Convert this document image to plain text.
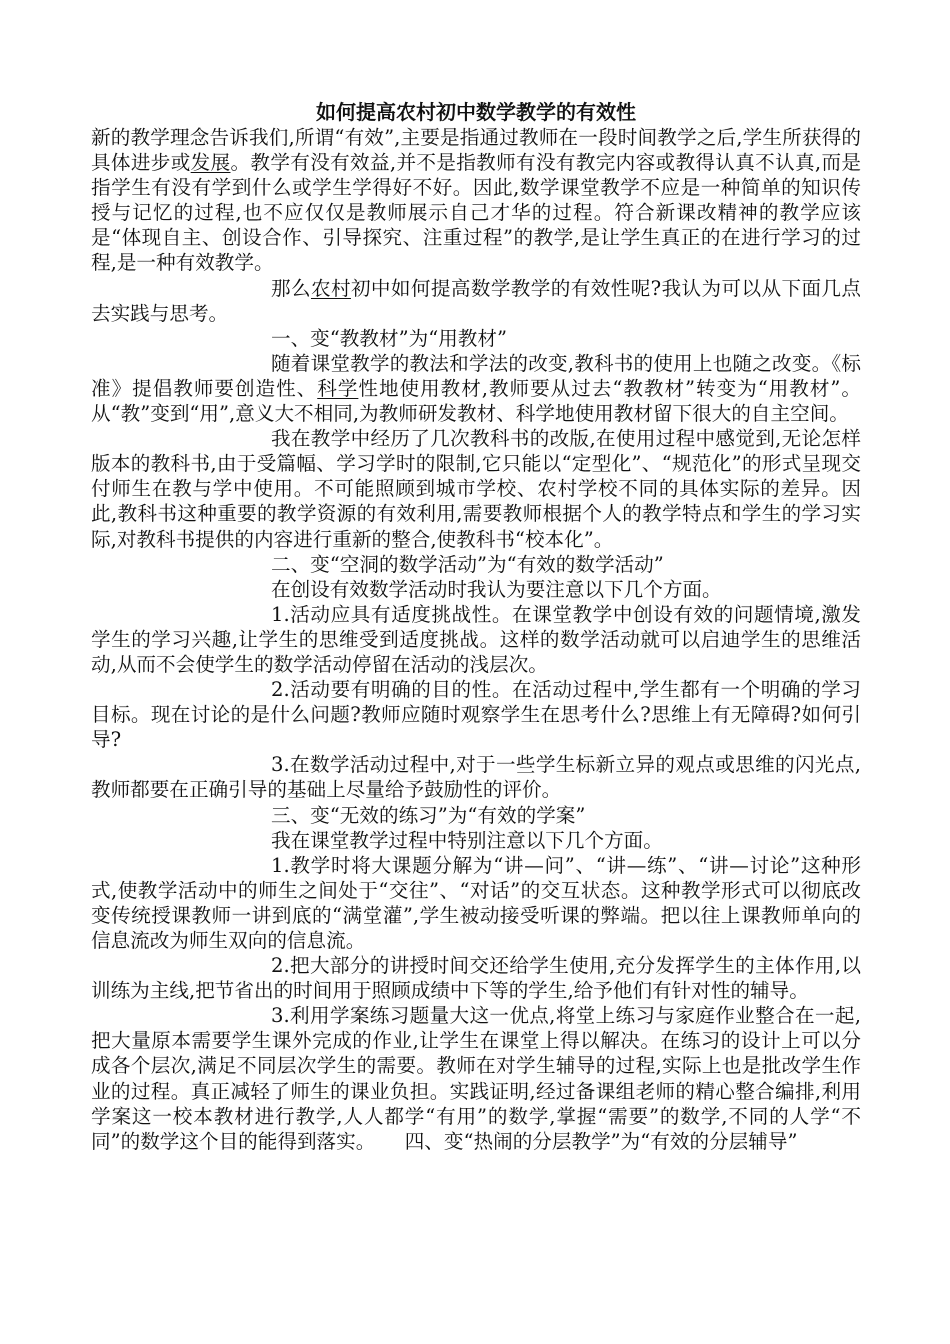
如何提高农村初中数学教学的有效性

新的教学理念告诉我们,所谓“有效”,主要是指通过教师在一段时间教学之后,学生所获得的具体进步或发展。教学有没有效益,并不是指教师有没有教完内容或教得认真不认真,而是指学生有没有学到什么或学生学得好不好。因此,数学课堂教学不应是一种简单的知识传授与记忆的过程,也不应仅仅是教师展示自己才华的过程。符合新课改精神的教学应该是“体现自主、创设合作、引导探究、注重过程”的教学,是让学生真正的在进行学习的过程,是一种有效教学。

那么农村初中如何提高数学教学的有效性呢?我认为可以从下面几点去实践与思考。

一、变“教教材”为“用教材”

随着课堂教学的教法和学法的改变,教科书的使用上也随之改变。《标准》提倡教师要创造性、科学性地使用教材,教师要从过去“教教材”转变为“用教材”。从“教”变到“用”,意义大不相同,为教师研发教材、科学地使用教材留下很大的自主空间。

我在教学中经历了几次教科书的改版,在使用过程中感觉到,无论怎样版本的教科书,由于受篇幅、学习学时的限制,它只能以“定型化”、“规范化”的形式呈现交付师生在教与学中使用。不可能照顾到城市学校、农村学校不同的具体实际的差异。因此,教科书这种重要的教学资源的有效利用,需要教师根据个人的教学特点和学生的学习实际,对教科书提供的内容进行重新的整合,使教科书“校本化”。

二、变“空洞的数学活动”为“有效的数学活动”

在创设有效数学活动时我认为要注意以下几个方面。

1.活动应具有适度挑战性。在课堂教学中创设有效的问题情境,激发学生的学习兴趣,让学生的思维受到适度挑战。这样的数学活动就可以启迪学生的思维活动,从而不会使学生的数学活动停留在活动的浅层次。

2.活动要有明确的目的性。在活动过程中,学生都有一个明确的学习目标。现在讨论的是什么问题?教师应随时观察学生在思考什么?思维上有无障碍?如何引导?

3.在数学活动过程中,对于一些学生标新立异的观点或思维的闪光点,教师都要在正确引导的基础上尽量给予鼓励性的评价。

三、变“无效的练习”为“有效的学案”

我在课堂教学过程中特别注意以下几个方面。

1.教学时将大课题分解为“讲—问”、“讲—练”、“讲—讨论”这种形式,使教学活动中的师生之间处于“交往”、“对话”的交互状态。这种教学形式可以彻底改变传统授课教师一讲到底的“满堂灌”,学生被动接受听课的弊端。把以往上课教师单向的信息流改为师生双向的信息流。

2.把大部分的讲授时间交还给学生使用,充分发挥学生的主体作用,以训练为主线,把节省出的时间用于照顾成绩中下等的学生,给予他们有针对性的辅导。

3.利用学案练习题量大这一优点,将堂上练习与家庭作业整合在一起,把大量原本需要学生课外完成的作业,让学生在课堂上得以解决。在练习的设计上可以分成各个层次,满足不同层次学生的需要。教师在对学生辅导的过程,实际上也是批改学生作业的过程。真正减轻了师生的课业负担。实践证明,经过备课组老师的精心整合编排,利用学案这一校本教材进行教学,人人都学“有用”的数学,掌握“需要”的数学,不同的人学“不同”的数学这个目的能得到落实。　　四、变“热闹的分层教学”为“有效的分层辅导”
